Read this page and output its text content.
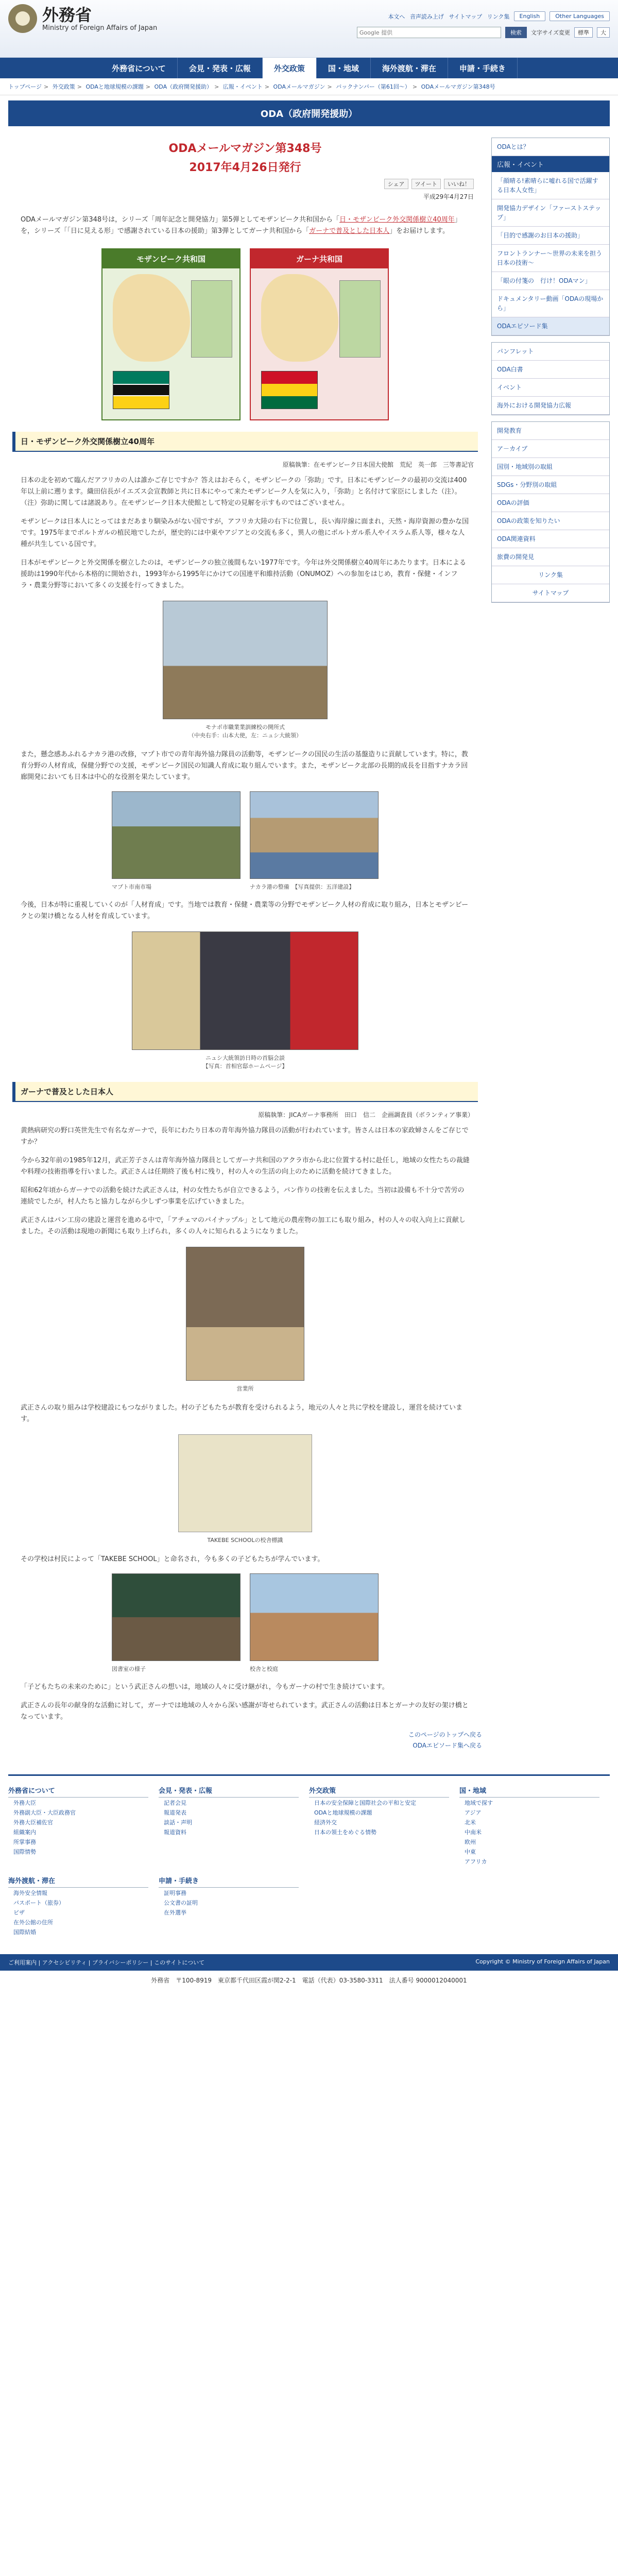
外務省
Ministry of Foreign Affairs of Japan
本文へ 音声読み上げ サイトマップ リンク集	English	Other Languages
Google 提供
検索	文字サイズ変更	標準	大
外務省について	会見・発表・広報	外交政策	国・地域	海外渡航・滞在	申請・手続き
トップページ > 外交政策 > ODAと地球規模の課題 > ODA（政府開発援助） > 広報・イベント > ODAメールマガジン > バックナンバー（第61回～） > ODAメールマガジン第348号
ODA（政府開発援助）
ODAメールマガジン第348号
2017年4月26日発行
シェア	ツイート	いいね！
平成29年4月27日
ODAメールマガジン第348号は，シリーズ「周年記念と開発協力」第5弾としてモザンビーク共和国から「日・モザンビーク外交関係樹立40周年」を，シリーズ「「日に見える形」で感謝されている日本の援助」第3弾としてガーナ共和国から「ガーナで普及とした日本人」をお届けします。
モザンビーク共和国	ガーナ共和国
日・モザンビーク外交関係樹立40周年
原稿執筆：在モザンビーク日本国大使館　荒紀　英一郎　三等書記官
日本の北を初めて臨んだアフリカの人は誰かご存じですか？答えはおそらく，モザンビークの「弥助」です。日本にモザンビークの最初の交流は400年以上前に遡ります。織田信長がイエズス会宣教師と共に日本にやって来たモザンビーク人を気に入り，「弥助」と名付けて家臣にしました（注）。（注）弥助に関しては諸説あり。在モザンビーク日本大使館として特定の見解を示すものではございません。
モザンビークは日本人にとってはまだあまり馴染みがない国ですが，アフリカ大陸の右下に位置し，長い海岸線に面まれ，天然・海岸資源の豊かな国です。1975年までポルトガルの植民地でしたが，歴史的には中東やアジアとの交流も多く，異人の他にポルトガル系人やイスラム系人等，様々な人種が共生している国です。
日本がモザンビークと外交関係を樹立したのは，モザンビークの独立後間もない1977年です。今年は外交関係樹立40周年にあたります。日本による援助は1990年代から本格的に開始され，1993年から1995年にかけての国連平和維持活動（ONUMOZ）への参加をはじめ，教育・保健・インフラ・農業分野等において多くの支援を行ってきました。
モナポ市職業業訓練校の開所式
（中央右手：山本大使，左：ニュシ大統領）
また，懸念感あふれるナカラ港の改修，マプト市での青年海外協力隊員の活動等，モザンビークの国民の生活の基盤造りに貢献しています。特に，教育分野の人材育成，保健分野での支援，モザンビーク国民の知識人育成に取り組んでいます。また，モザンビーク北部の長期的成長を目指すナカラ回廊開発においても日本は中心的な役割を果たしています。
マプト市南市場	ナカラ港の整備　【写真提供：五洋建設】
今後，日本が特に重視していくのが「人材育成」です。当地では教育・保健・農業等の分野でモザンビーク人材の育成に取り組み，日本とモザンビークとの架け橋となる人材を育成しています。
ニュシ大統領訪日時の首脳会談
【写真：首相官邸ホームページ】
ガーナで普及とした日本人
原稿執筆：JICAガーナ事務所　田口　信二　企画調査員（ボランティア事業）
黄熱病研究の野口英世先生で有名なガーナで，長年にわたり日本の青年海外協力隊員の活動が行われています。皆さんは日本の家政婦さんをご存じですか？
今から32年前の1985年12月，武正芳子さんは青年海外協力隊員としてガーナ共和国のアクラ市から北に位置する村に赴任し，地域の女性たちの裁縫や料理の技術指導を行いました。武正さんは任期終了後も村に残り，村の人々の生活の向上のために活動を続けてきました。
昭和62年頃からガーナでの活動を続けた武正さんは，村の女性たちが自立できるよう，パン作りの技術を伝えました。当初は設備も不十分で苦労の連続でしたが，村人たちと協力しながら少しずつ事業を広げていきました。
武正さんはパン工房の建設と運営を進める中で，「アチェマのパイナップル」として地元の農産物の加工にも取り組み，村の人々の収入向上に貢献しました。その活動は現地の新聞にも取り上げられ，多くの人々に知られるようになりました。
営業所
武正さんの取り組みは学校建設にもつながりました。村の子どもたちが教育を受けられるよう，地元の人々と共に学校を建設し，運営を続けています。
TAKEBE SCHOOLの校舎標識
その学校は村民によって「TAKEBE SCHOOL」と命名され，今も多くの子どもたちが学んでいます。
図書室の様子	校舎と校庭
「子どもたちの未来のために」という武正さんの想いは，地域の人々に受け継がれ，今もガーナの村で生き続けています。
武正さんの長年の献身的な活動に対して，ガーナでは地域の人々から深い感謝が寄せられています。武正さんの活動は日本とガーナの友好の架け橋となっています。
このページのトップへ戻る
ODAエピソード集へ戻る
ODAとは？
広報・イベント
「顔晴る!素晴らに嘘れる国で活躍する日本人女性」
開発協力デザイン「ファーストステップ」
「目的で感謝のお日本の援助」
フロントランナー～世界の未来を担う日本の技術～
「眼の付箋の　行け！ODAマン」
ドキュメンタリー動画「ODAの現場から」
ODAエピソード集
パンフレット
ODA白書
イベント
海外における開発協力広報
開発教育
ア－カイブ
国別・地域別の取組
SDGs・分野別の取組
ODAの評価
ODAの政策を知りたい
ODA関連資料
旅費の開発見
リンク集
サイトマップ
外務省について
外務大臣
外務副大臣・大臣政務官
外務大臣補佐官
組織案内
所掌事務
国際情勢
会見・発表・広報
記者会見
報道発表
談話・声明
報道資料
外交政策
日本の安全保障と国際社会の平和と安定
ODAと地球規模の課題
経済外交
日本の領土をめぐる情勢
国・地域
地域で探す
アジア
北米
中南米
欧州
中東
アフリカ
海外渡航・滞在
海外安全情報
パスポート（旅券）
ビザ
在外公館の住所
国際結婚
申請・手続き
証明事務
公文書の証明
在外選挙
ご利用案内 | アクセシビリティ | プライバシーポリシー | このサイトについて	Copyright © Ministry of Foreign Affairs of Japan
外務省　〒100-8919　東京都千代田区霞が関2-2-1　電話（代表）03-3580-3311　法人番号 9000012040001
